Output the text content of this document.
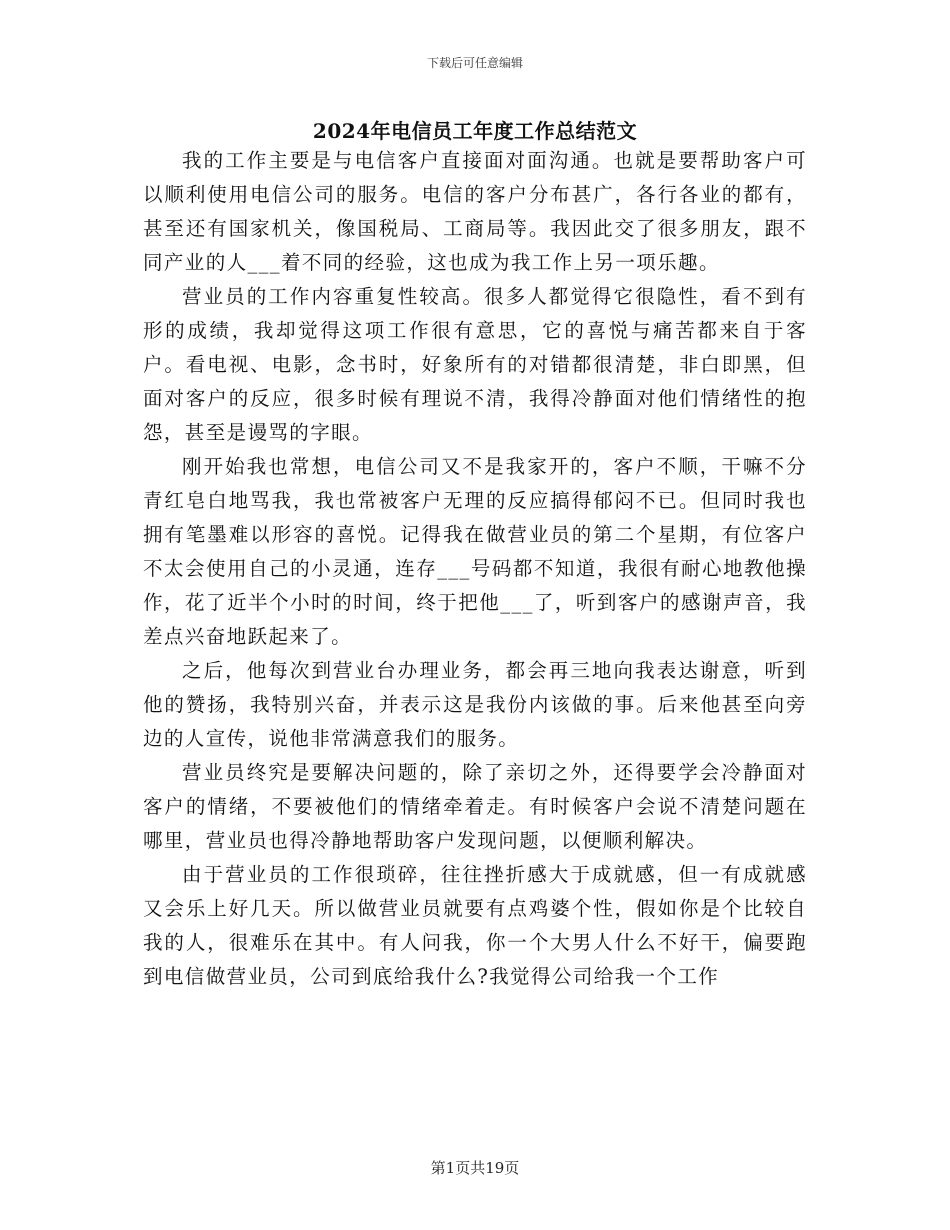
下载后可任意编辑
2024年电信员工年度工作总结范文

我的工作主要是与电信客户直接面对面沟通。也就是要帮助客户可以顺利使用电信公司的服务。电信的客户分布甚广，各行各业的都有，甚至还有国家机关，像国税局、工商局等。我因此交了很多朋友，跟不同产业的人___着不同的经验，这也成为我工作上另一项乐趣。

营业员的工作内容重复性较高。很多人都觉得它很隐性，看不到有形的成绩，我却觉得这项工作很有意思，它的喜悦与痛苦都来自于客户。看电视、电影，念书时，好象所有的对错都很清楚，非白即黑，但面对客户的反应，很多时候有理说不清，我得冷静面对他们情绪性的抱怨，甚至是谩骂的字眼。

刚开始我也常想，电信公司又不是我家开的，客户不顺，干嘛不分青红皂白地骂我，我也常被客户无理的反应搞得郁闷不已。但同时我也拥有笔墨难以形容的喜悦。记得我在做营业员的第二个星期，有位客户不太会使用自己的小灵通，连存___号码都不知道，我很有耐心地教他操作，花了近半个小时的时间，终于把他___了，听到客户的感谢声音，我差点兴奋地跃起来了。

之后，他每次到营业台办理业务，都会再三地向我表达谢意，听到他的赞扬，我特别兴奋，并表示这是我份内该做的事。后来他甚至向旁边的人宣传，说他非常满意我们的服务。

营业员终究是要解决问题的，除了亲切之外，还得要学会冷静面对客户的情绪，不要被他们的情绪牵着走。有时候客户会说不清楚问题在哪里，营业员也得冷静地帮助客户发现问题，以便顺利解决。

由于营业员的工作很琐碎，往往挫折感大于成就感，但一有成就感又会乐上好几天。所以做营业员就要有点鸡婆个性，假如你是个比较自我的人，很难乐在其中。有人问我，你一个大男人什么不好干，偏要跑到电信做营业员，公司到底给我什么?我觉得公司给我一个工作

第1页共19页
